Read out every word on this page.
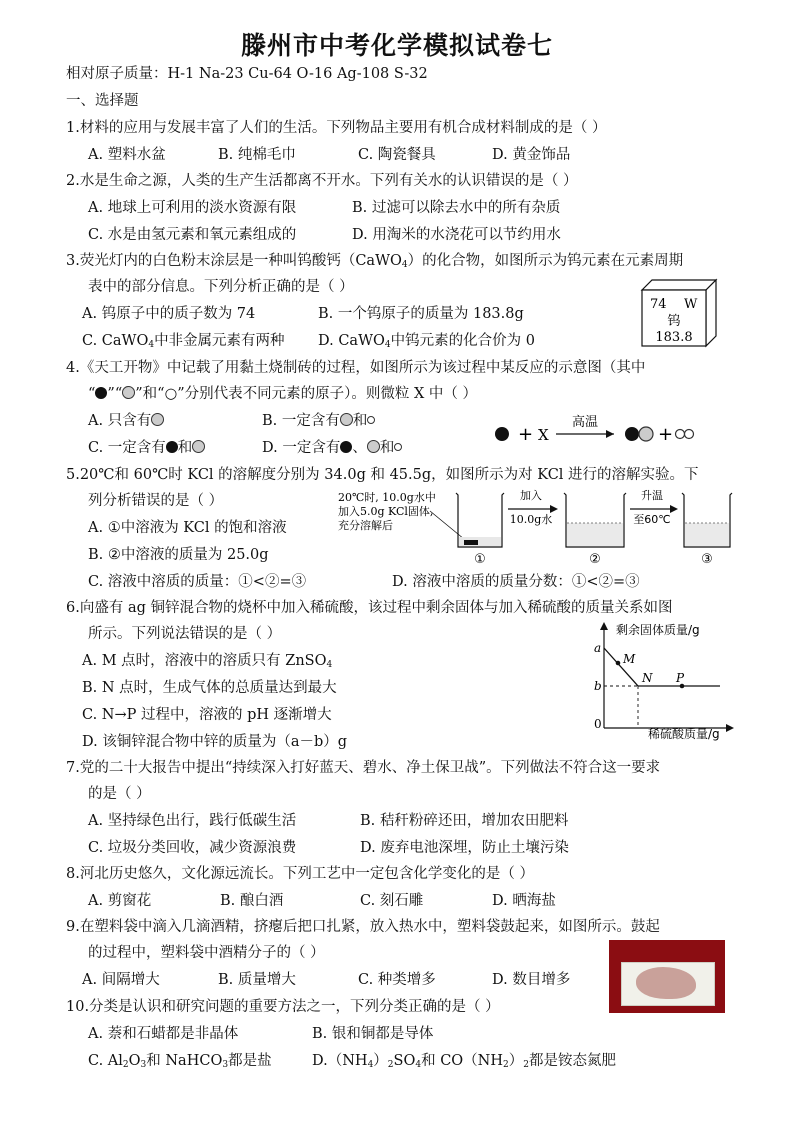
滕州市中考化学模拟试卷七
相对原子质量：H-1 Na-23 Cu-64 O-16 Ag-108 S-32
一、选择题
1.材料的应用与发展丰富了人们的生活。下列物品主要用有机合成材料制成的是（ ）
A. 塑料水盆	B. 纯棉毛巾	C. 陶瓷餐具	D. 黄金饰品
2.水是生命之源，人类的生产生活都离不开水。下列有关水的认识错误的是（ ）
A. 地球上可利用的淡水资源有限	B. 过滤可以除去水中的所有杂质
C. 水是由氢元素和氧元素组成的	D. 用淘米的水浇花可以节约用水
3.荧光灯内的白色粉末涂层是一种叫钨酸钙（CaWO$_4$）的化合物，如图所示为钨元素在元素周期
表中的部分信息。下列分析正确的是（ ）
A. 钨原子中的质子数为 74	B. 一个钨原子的质量为 183.8g
C. CaWO$_4$中非金属元素有两种 D. CaWO$_4$中钨元素的化合价为 0
74 W
钨
183.8
4.《天工开物》中记载了用黏土烧制砖的过程，如图所示为该过程中某反应的示意图（其中
“ ”“ ”和“○”分别代表不同元素的原子）。则微粒 X 中（ ）
A. 只含有	B. 一定含有 和
C. 一定含有 和	D. 一定含有 、 和
+ X
高温
+
5.20℃和 60℃时 KCl 的溶解度分别为 34.0g 和 45.5g，如图所示为对 KCl 进行的溶解实验。下
列分析错误的是（ ）
A. ①中溶液为 KCl 的饱和溶液
B. ②中溶液的质量为 25.0g
C. 溶液中溶质的质量：①<②=③	D. 溶液中溶质的质量分数：①<②=③
20℃时, 10.0g水中
加入5.0g KCl固体,
充分溶解后
①
加入
10.0g水
②
升温
至60℃
③
6.向盛有 ag 铜锌混合物的烧杯中加入稀硫酸，该过程中剩余固体与加入稀硫酸的质量关系如图
所示。下列说法错误的是（ ）
A. M 点时，溶液中的溶质只有 ZnSO$_4$
B. N 点时，生成气体的总质量达到最大
C. N→P 过程中，溶液的 pH 逐渐增大
D. 该铜锌混合物中锌的质量为（a－b）g
剩余固体质量/g
稀硫酸质量/g
a
b
0
M
N P
7.党的二十大报告中提出“持续深入打好蓝天、碧水、净土保卫战”。下列做法不符合这一要求
的是（ ）
A. 坚持绿色出行，践行低碳生活	B. 秸秆粉碎还田，增加农田肥料
C. 垃圾分类回收，减少资源浪费	D. 废弃电池深埋，防止土壤污染
8.河北历史悠久，文化源远流长。下列工艺中一定包含化学变化的是（ ）
A. 剪窗花	B. 酿白酒	C. 刻石雕	D. 晒海盐
9.在塑料袋中滴入几滴酒精，挤瘪后把口扎紧，放入热水中，塑料袋鼓起来，如图所示。鼓起
的过程中，塑料袋中酒精分子的（ ）
A. 间隔增大	B. 质量增大	C. 种类增多	D. 数目增多
10.分类是认识和研究问题的重要方法之一，下列分类正确的是（ ）
A. 萘和石蜡都是非晶体	B. 银和铜都是导体
C. $Al_2O_3$和 NaHCO$_3$都是盐	$D.(NH_4)_2SO_4$和 $CO(NH_2)_2$都是铵态氮肥
